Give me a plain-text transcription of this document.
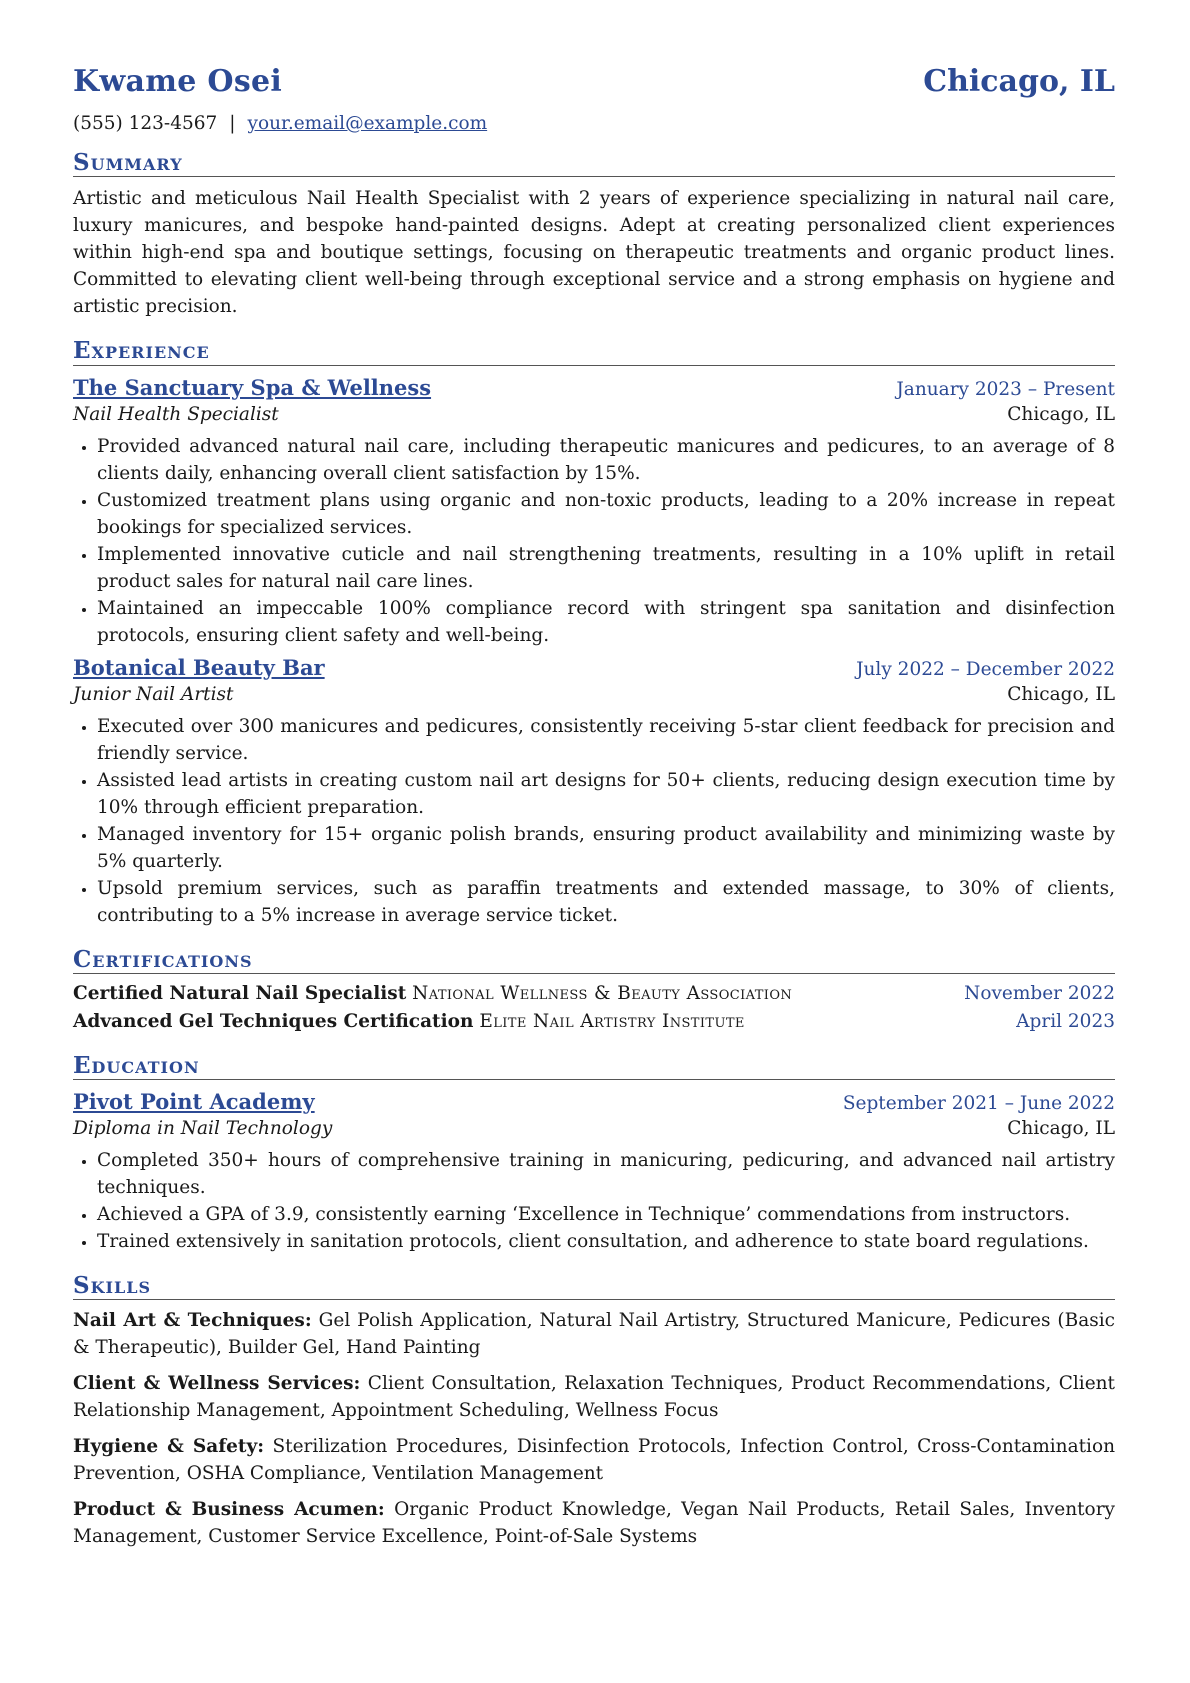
Kwame Osei	Chicago, IL
(555) 123-4567 | your.email@example.com
Summary

Artistic and meticulous Nail Health Specialist with 2 years of experience specializing in natural nail care, luxury manicures, and bespoke hand-painted designs. Adept at creating personalized client experiences within high-end spa and boutique settings, focusing on therapeutic treatments and organic product lines. Committed to elevating client well-being through exceptional service and a strong emphasis on hygiene and artistic precision.

Experience
The Sanctuary Spa & Wellness	January 2023 – Present
Nail Health Specialist	Chicago, IL
• Provided advanced natural nail care, including therapeutic manicures and pedicures, to an average of 8 clients daily, enhancing overall client satisfaction by 15%.
• Customized treatment plans using organic and non-toxic products, leading to a 20% increase in repeat bookings for specialized services.
• Implemented innovative cuticle and nail strengthening treatments, resulting in a 10% uplift in retail product sales for natural nail care lines.
• Maintained an impeccable 100% compliance record with stringent spa sanitation and disinfection protocols, ensuring client safety and well-being.
Botanical Beauty Bar	July 2022 – December 2022
Junior Nail Artist	Chicago, IL
• Executed over 300 manicures and pedicures, consistently receiving 5-star client feedback for precision and friendly service.
• Assisted lead artists in creating custom nail art designs for 50+ clients, reducing design execution time by 10% through efficient preparation.
• Managed inventory for 15+ organic polish brands, ensuring product availability and minimizing waste by 5% quarterly.
• Upsold premium services, such as paraffin treatments and extended massage, to 30% of clients, contributing to a 5% increase in average service ticket.
Certifications
Certified Natural Nail Specialist National Wellness & Beauty Association	November 2022
Advanced Gel Techniques Certification Elite Nail Artistry Institute	April 2023
Education
Pivot Point Academy	September 2021 – June 2022
Diploma in Nail Technology	Chicago, IL
• Completed 350+ hours of comprehensive training in manicuring, pedicuring, and advanced nail artistry techniques.
• Achieved a GPA of 3.9, consistently earning ‘Excellence in Technique’ commendations from instructors.
• Trained extensively in sanitation protocols, client consultation, and adherence to state board regulations.
Skills
Nail Art & Techniques: Gel Polish Application, Natural Nail Artistry, Structured Manicure, Pedicures (Basic & Therapeutic), Builder Gel, Hand Painting
Client & Wellness Services: Client Consultation, Relaxation Techniques, Product Recommendations, Client Relationship Management, Appointment Scheduling, Wellness Focus
Hygiene & Safety: Sterilization Procedures, Disinfection Protocols, Infection Control, Cross-Contamination Prevention, OSHA Compliance, Ventilation Management
Product & Business Acumen: Organic Product Knowledge, Vegan Nail Products, Retail Sales, Inventory Management, Customer Service Excellence, Point-of-Sale Systems
